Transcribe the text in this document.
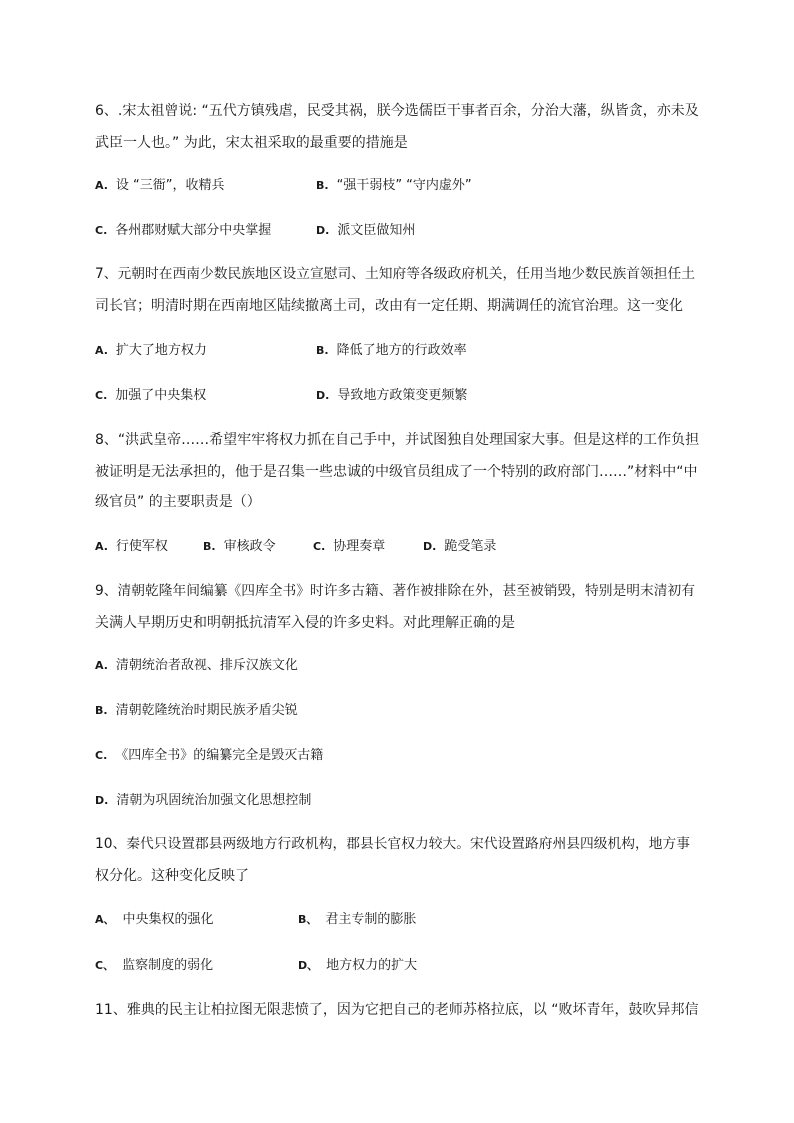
6、.宋太祖曾说: “五代方镇残虐，民受其祸，朕今选儒臣干事者百余，分治大藩，纵皆贪，亦未及
武臣一人也。” 为此，宋太祖采取的最重要的措施是
A. 设 “三衙”，收精兵	B. “强干弱枝” “守内虚外”
C. 各州郡财赋大部分中央掌握	D. 派文臣做知州
7、元朝时在西南少数民族地区设立宣慰司、土知府等各级政府机关，任用当地少数民族首领担任土
司长官；明清时期在西南地区陆续撤离土司，改由有一定任期、期满调任的流官治理。这一变化
A. 扩大了地方权力	B. 降低了地方的行政效率
C. 加强了中央集权	D. 导致地方政策变更频繁
8、“洪武皇帝……希望牢牢将权力抓在自己手中，并试图独自处理国家大事。但是这样的工作负担
被证明是无法承担的，他于是召集一些忠诚的中级官员组成了一个特别的政府部门……”材料中“中
级官员” 的主要职责是（）
A. 行使军权	B. 审核政令	C. 协理奏章	D. 跪受笔录
9、清朝乾隆年间编纂《四库全书》时许多古籍、著作被排除在外，甚至被销毁，特别是明末清初有
关满人早期历史和明朝抵抗清军入侵的许多史料。对此理解正确的是
A. 清朝统治者敌视、排斥汉族文化
B. 清朝乾隆统治时期民族矛盾尖锐
C. 《四库全书》的编纂完全是毁灭古籍
D. 清朝为巩固统治加强文化思想控制
10、秦代只设置郡县两级地方行政机构，郡县长官权力较大。宋代设置路府州县四级机构，地方事
权分化。这种变化反映了
A、 中央集权的强化	B、 君主专制的膨胀
C、 监察制度的弱化	D、 地方权力的扩大
11、雅典的民主让柏拉图无限悲愤了，因为它把自己的老师苏格拉底，以 “败坏青年，鼓吹异邦信
